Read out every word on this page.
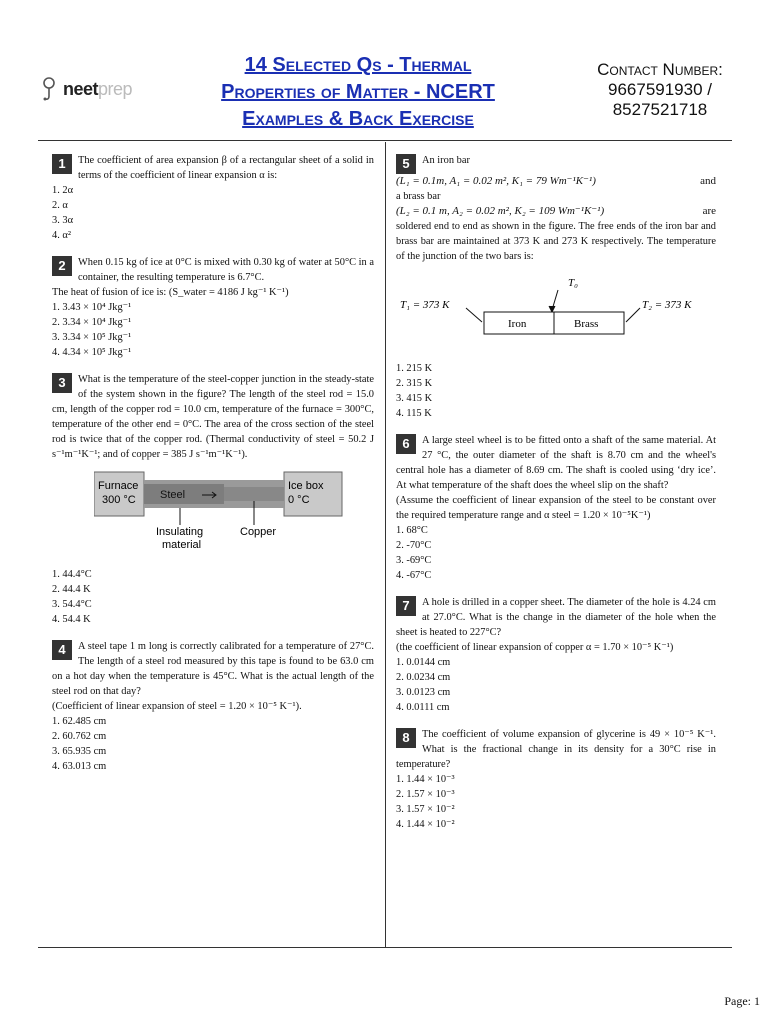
neet prep
14 Selected Qs - Thermal
Properties of Matter - NCERT
Examples & Back Exercise
Contact Number:
9667591930 /
8527521718
1	The coefficient of area expansion β of a rectangular sheet of a solid in terms of the coefficient of linear expansion α is:
1. 2α
2. α
3. 3α
4. α²
2	When 0.15 kg of ice at 0°C is mixed with 0.30 kg of water at 50°C in a container, the resulting temperature is 6.7°C.
The heat of fusion of ice is: (S_water = 4186 J kg⁻¹ K⁻¹)
1. 3.43 × 10⁴ Jkg⁻¹
2. 3.34 × 10⁴ Jkg⁻¹
3. 3.34 × 10⁵ Jkg⁻¹
4. 4.34 × 10⁵ Jkg⁻¹
3	What is the temperature of the steel-copper junction in the steady-state of the system shown in the figure? The length of the steel rod = 15.0 cm, length of the copper rod = 10.0 cm, temperature of the furnace = 300°C, temperature of the other end = 0°C. The area of the cross section of the steel rod is twice that of the copper rod. (Thermal conductivity of steel = 50.2 J s⁻¹m⁻¹K⁻¹; and of copper = 385 J s⁻¹m⁻¹K⁻¹).
Furnace
300 °C Steel
Ice box
0 °C
Insulating
material
Copper
1. 44.4°C
2. 44.4 K
3. 54.4°C
4. 54.4 K
4	A steel tape 1 m long is correctly calibrated for a temperature of 27°C. The length of a steel rod measured by this tape is found to be 63.0 cm on a hot day when the temperature is 45°C. What is the actual length of the steel rod on that day?
(Coefficient of linear expansion of steel = 1.20 × 10⁻⁵ K⁻¹).
1. 62.485 cm
2. 60.762 cm
3. 65.935 cm
4. 63.013 cm
5	An iron bar
(L₁ = 0.1m, A₁ = 0.02 m², K₁ = 79 Wm⁻¹K⁻¹)	and
a brass bar
(L₂ = 0.1 m, A₂ = 0.02 m², K₂ = 109 Wm⁻¹K⁻¹)	are
soldered end to end as shown in the figure. The free ends of the iron bar and brass bar are maintained at 373 K and 273 K respectively. The temperature of the junction of the two bars is:
T₀
Iron	Brass
T₁ = 373 K	T₂ = 373 K
1. 215 K
2. 315 K
3. 415 K
4. 115 K
6	A large steel wheel is to be fitted onto a shaft of the same material. At 27 °C, the outer diameter of the shaft is 8.70 cm and the wheel's central hole has a diameter of 8.69 cm. The shaft is cooled using ‘dry ice’. At what temperature of the shaft does the wheel slip on the shaft?
(Assume the coefficient of linear expansion of the steel to be constant over the required temperature range and α steel = 1.20 × 10⁻⁵K⁻¹)
1. 68°C
2. -70°C
3. -69°C
4. -67°C
7	A hole is drilled in a copper sheet. The diameter of the hole is 4.24 cm at 27.0°C. What is the change in the diameter of the hole when the sheet is heated to 227°C?
(the coefficient of linear expansion of copper α = 1.70 × 10⁻⁵ K⁻¹)
1. 0.0144 cm
2. 0.0234 cm
3. 0.0123 cm
4. 0.0111 cm
8	The coefficient of volume expansion of glycerine is 49 × 10⁻⁵ K⁻¹. What is the fractional change in its density for a 30°C rise in temperature?
1. 1.44 × 10⁻³
2. 1.57 × 10⁻³
3. 1.57 × 10⁻²
4. 1.44 × 10⁻²
Page: 1
